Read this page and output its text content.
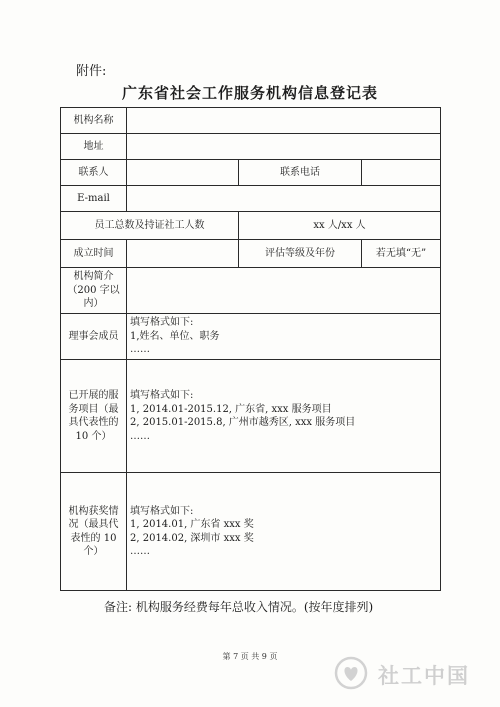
附件:
广东省社会工作服务机构信息登记表
机构名称			
地址			
联系人		联系电话	
E-mail			
员工总数及持证社工人数		xx 人/xx 人	
成立时间		评估等级及年份	若无填“无”
机构简介（200 字以内）			
理事会成员	填写格式如下:
1,姓名、单位、职务
……		

已开展的服务项目（最具代表性的 10 个）	填写格式如下:
1, 2014.01-2015.12, 广东省, xxx 服务项目
2, 2015.01-2015.8, 广州市越秀区, xxx 服务项目
……		

机构获奖情况（最具代表性的 10 个）	填写格式如下:
1, 2014.01, 广东省 xxx 奖
2, 2014.02, 深圳市 xxx 奖
……		
备注: 机构服务经费每年总收入情况。(按年度排列)
第 7 页 共 9 页
社工中国
